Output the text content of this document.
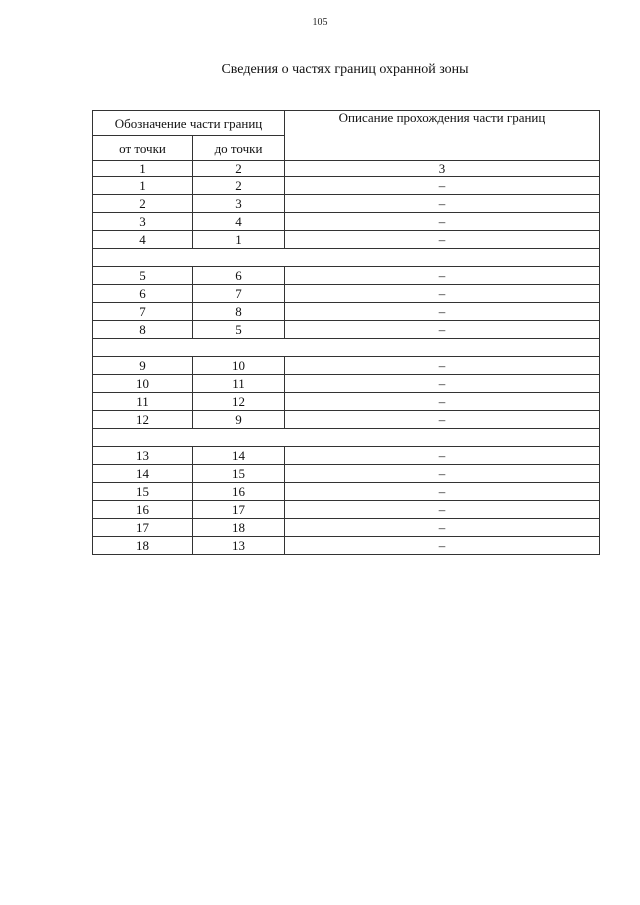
105
Сведения о частях границ охранной зоны
Обозначение части границ		Описание прохождения части границ
от точки	до точки	
1	2	3
1	2	–
2	3	–
3	4	–
4	1	–

5	6	–
6	7	–
7	8	–
8	5	–

9	10	–
10	11	–
11	12	–
12	9	–

13	14	–
14	15	–
15	16	–
16	17	–
17	18	–
18	13	–
